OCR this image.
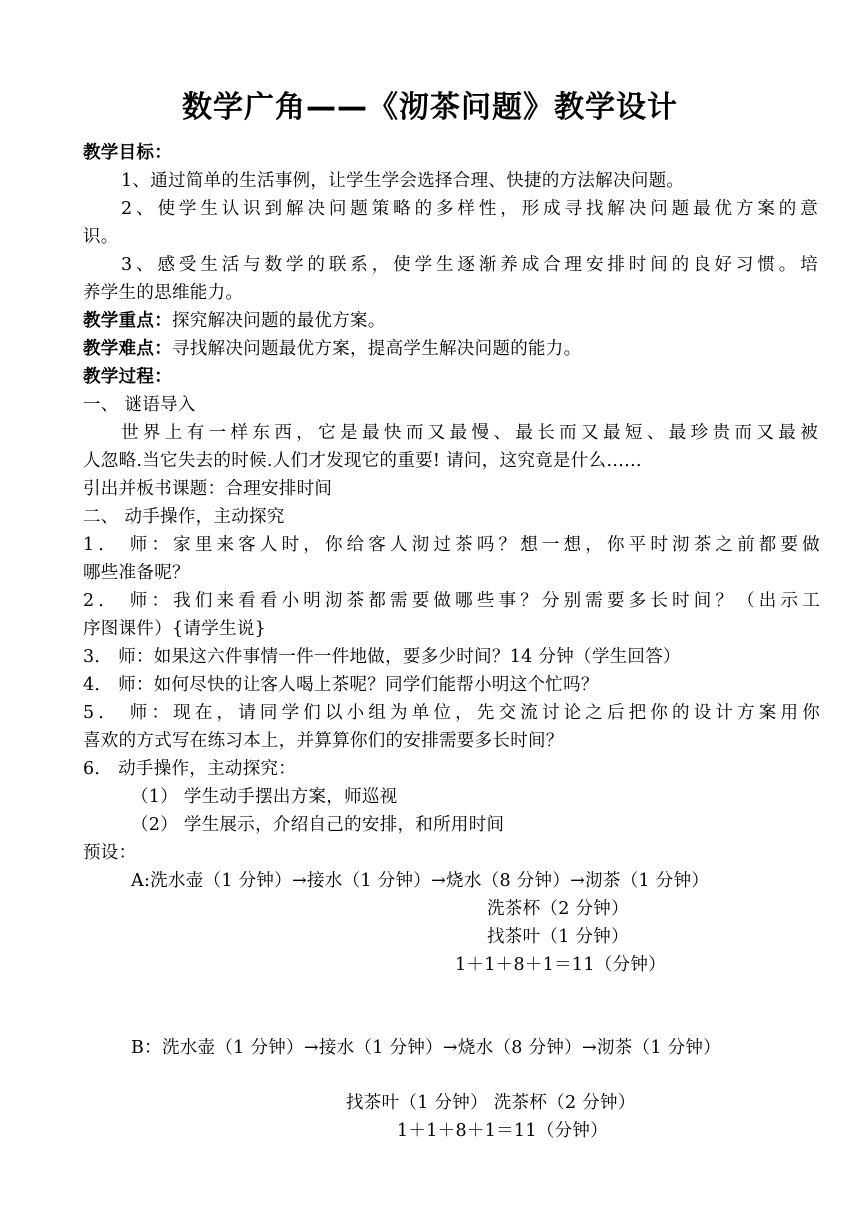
数学广角——《沏茶问题》教学设计
教学目标：
1、通过简单的生活事例，让学生学会选择合理、快捷的方法解决问题。
2、使学生认识到解决问题策略的多样性，形成寻找解决问题最优方案的意
识。
3、感受生活与数学的联系，使学生逐渐养成合理安排时间的良好习惯。培
养学生的思维能力。
教学重点：探究解决问题的最优方案。
教学难点：寻找解决问题最优方案，提高学生解决问题的能力。
教学过程：
一、 谜语导入
世界上有一样东西，它是最快而又最慢、最长而又最短、最珍贵而又最被
人忽略.当它失去的时候.人们才发现它的重要! 请问，这究竟是什么……
引出并板书课题：合理安排时间
二、 动手操作，主动探究
1． 师：家里来客人时，你给客人沏过茶吗？想一想，你平时沏茶之前都要做
哪些准备呢？
2． 师：我们来看看小明沏茶都需要做哪些事？分别需要多长时间？（出示工
序图课件）{请学生说}
3． 师：如果这六件事情一件一件地做，要多少时间？14 分钟（学生回答）
4． 师：如何尽快的让客人喝上茶呢？同学们能帮小明这个忙吗？
5． 师：现在，请同学们以小组为单位，先交流讨论之后把你的设计方案用你
喜欢的方式写在练习本上，并算算你们的安排需要多长时间？
6． 动手操作，主动探究：
（1） 学生动手摆出方案，师巡视
（2） 学生展示，介绍自己的安排，和所用时间
预设：
A:洗水壶（1 分钟）→接水（1 分钟）→烧水（8 分钟）→沏茶（1 分钟）
洗茶杯（2 分钟）
找茶叶（1 分钟）
1＋1＋8＋1＝11（分钟）
B：洗水壶（1 分钟）→接水（1 分钟）→烧水（8 分钟）→沏茶（1 分钟）
找茶叶（1 分钟） 洗茶杯（2 分钟）
1＋1＋8＋1＝11（分钟）
